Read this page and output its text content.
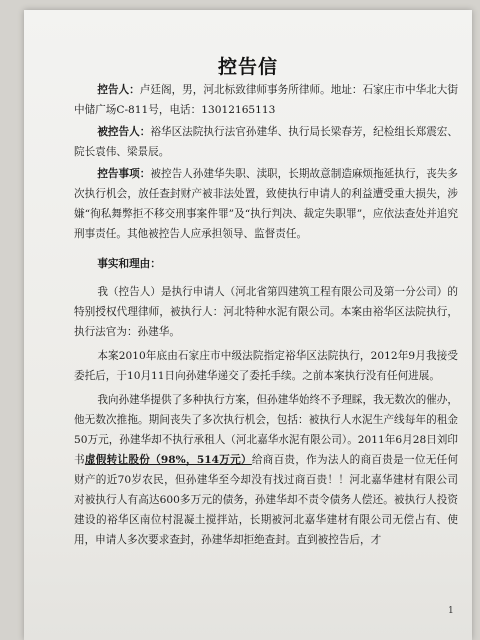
控告信

控告人：卢廷阁，男，河北标致律师事务所律师。地址：石家庄市中华北大街中储广场C-811号，电话：13012165113

被控告人：裕华区法院执行法官孙建华、执行局长梁春芳，纪检组长郑震宏、院长袁伟、梁景辰。

控告事项：被控告人孙建华失职、渎职，长期故意制造麻烦拖延执行，丧失多次执行机会，放任查封财产被非法处置，致使执行申请人的利益遭受重大损失，涉嫌“徇私舞弊拒不移交刑事案件罪”及“执行判决、裁定失职罪”，应依法查处并追究刑事责任。其他被控告人应承担领导、监督责任。

事实和理由：

我（控告人）是执行申请人（河北省第四建筑工程有限公司及第一分公司）的特别授权代理律师，被执行人：河北特种水泥有限公司。本案由裕华区法院执行，执行法官为：孙建华。

本案2010年底由石家庄市中级法院指定裕华区法院执行，2012年9月我接受委托后，于10月11日向孙建华递交了委托手续。之前本案执行没有任何进展。

我向孙建华提供了多种执行方案，但孙建华始终不予理睬，我无数次的催办，他无数次推拖。期间丧失了多次执行机会，包括：被执行人水泥生产线每年的租金50万元，孙建华却不执行承租人（河北嘉华水泥有限公司）。2011年6月28日刘印书虚假转让股份（98%，514万元）给商百贵，作为法人的商百贵是一位无任何财产的近70岁农民，但孙建华至今却没有找过商百贵！！河北嘉华建材有限公司对被执行人有高达600多万元的债务，孙建华却不责令债务人偿还。被执行人投资建设的裕华区南位村混凝土搅拌站，长期被河北嘉华建材有限公司无偿占有、使用，申请人多次要求查封，孙建华却拒绝查封。直到被控告后，才

1
